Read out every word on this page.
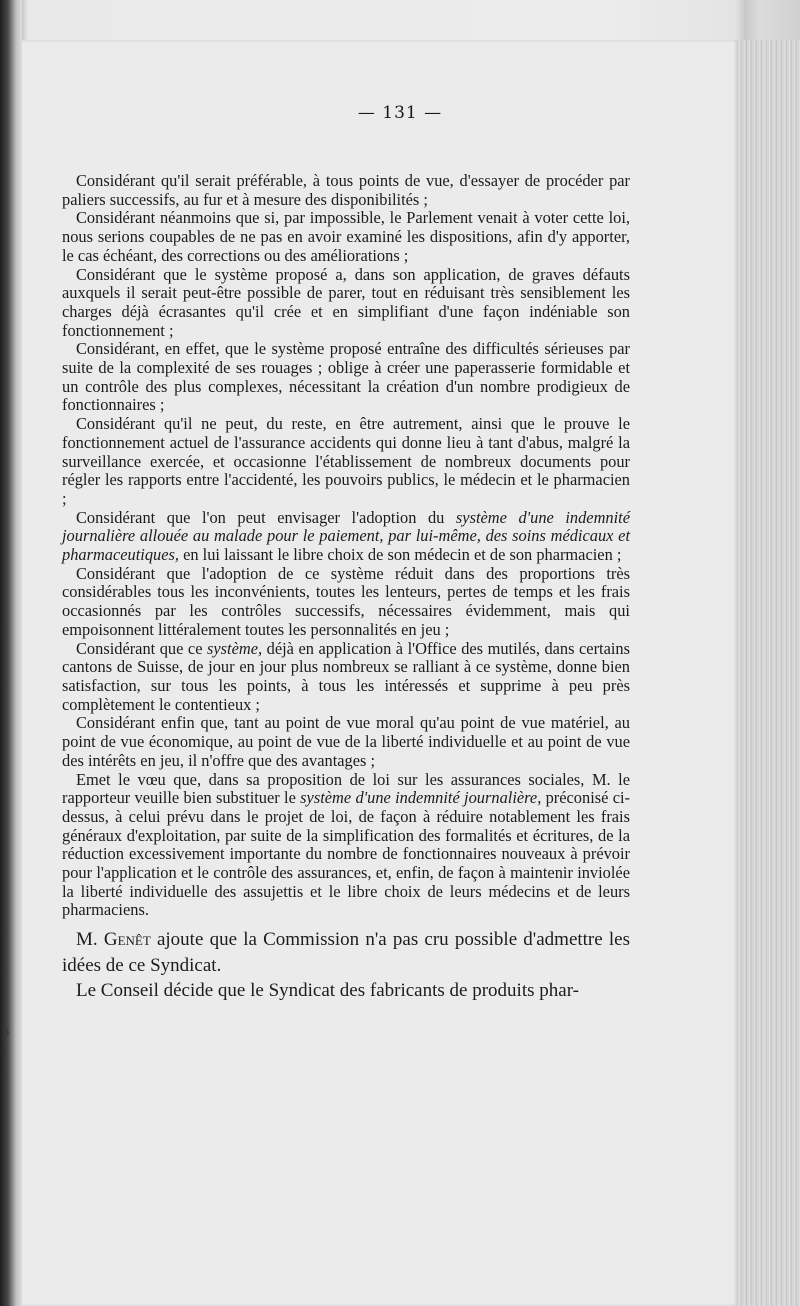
;
i
t
l
i
l
t
i
l
ɔ
i
l
— 131 —

Considérant qu'il serait préférable, à tous points de vue, d'essayer de procéder par paliers successifs, au fur et à mesure des disponibilités ;

Considérant néanmoins que si, par impossible, le Parlement venait à voter cette loi, nous serions coupables de ne pas en avoir examiné les dispositions, afin d'y apporter, le cas échéant, des corrections ou des améliorations ;

Considérant que le système proposé a, dans son application, de graves défauts auxquels il serait peut-être possible de parer, tout en réduisant très sensiblement les charges déjà écrasantes qu'il crée et en simplifiant d'une façon indéniable son fonctionnement ;

Considérant, en effet, que le système proposé entraîne des difficultés sérieuses par suite de la complexité de ses rouages ; oblige à créer une paperasserie formidable et un contrôle des plus complexes, nécessitant la création d'un nombre prodigieux de fonctionnaires ;

Considérant qu'il ne peut, du reste, en être autrement, ainsi que le prouve le fonctionnement actuel de l'assurance accidents qui donne lieu à tant d'abus, malgré la surveillance exercée, et occasionne l'établissement de nombreux documents pour régler les rapports entre l'accidenté, les pouvoirs publics, le médecin et le pharmacien ;

Considérant que l'on peut envisager l'adoption du système d'une indemnité journalière allouée au malade pour le paiement, par lui-même, des soins médicaux et pharmaceutiques, en lui laissant le libre choix de son médecin et de son pharmacien ;

Considérant que l'adoption de ce système réduit dans des proportions très considérables tous les inconvénients, toutes les lenteurs, pertes de temps et les frais occasionnés par les contrôles successifs, nécessaires évidemment, mais qui empoisonnent littéralement toutes les personnalités en jeu ;

Considérant que ce système, déjà en application à l'Office des mutilés, dans certains cantons de Suisse, de jour en jour plus nombreux se ralliant à ce système, donne bien satisfaction, sur tous les points, à tous les intéressés et supprime à peu près complètement le contentieux ;

Considérant enfin que, tant au point de vue moral qu'au point de vue matériel, au point de vue économique, au point de vue de la liberté individuelle et au point de vue des intérêts en jeu, il n'offre que des avantages ;

Emet le vœu que, dans sa proposition de loi sur les assurances sociales, M. le rapporteur veuille bien substituer le système d'une indemnité journalière, préconisé ci-dessus, à celui prévu dans le projet de loi, de façon à réduire notablement les frais généraux d'exploitation, par suite de la simplification des formalités et écritures, de la réduction excessivement importante du nombre de fonctionnaires nouveaux à prévoir pour l'application et le contrôle des assurances, et, enfin, de façon à maintenir inviolée la liberté individuelle des assujettis et le libre choix de leurs médecins et de leurs pharmaciens.

M. Genêt ajoute que la Commission n'a pas cru possible d'admettre les idées de ce Syndicat.

Le Conseil décide que le Syndicat des fabricants de produits phar-
